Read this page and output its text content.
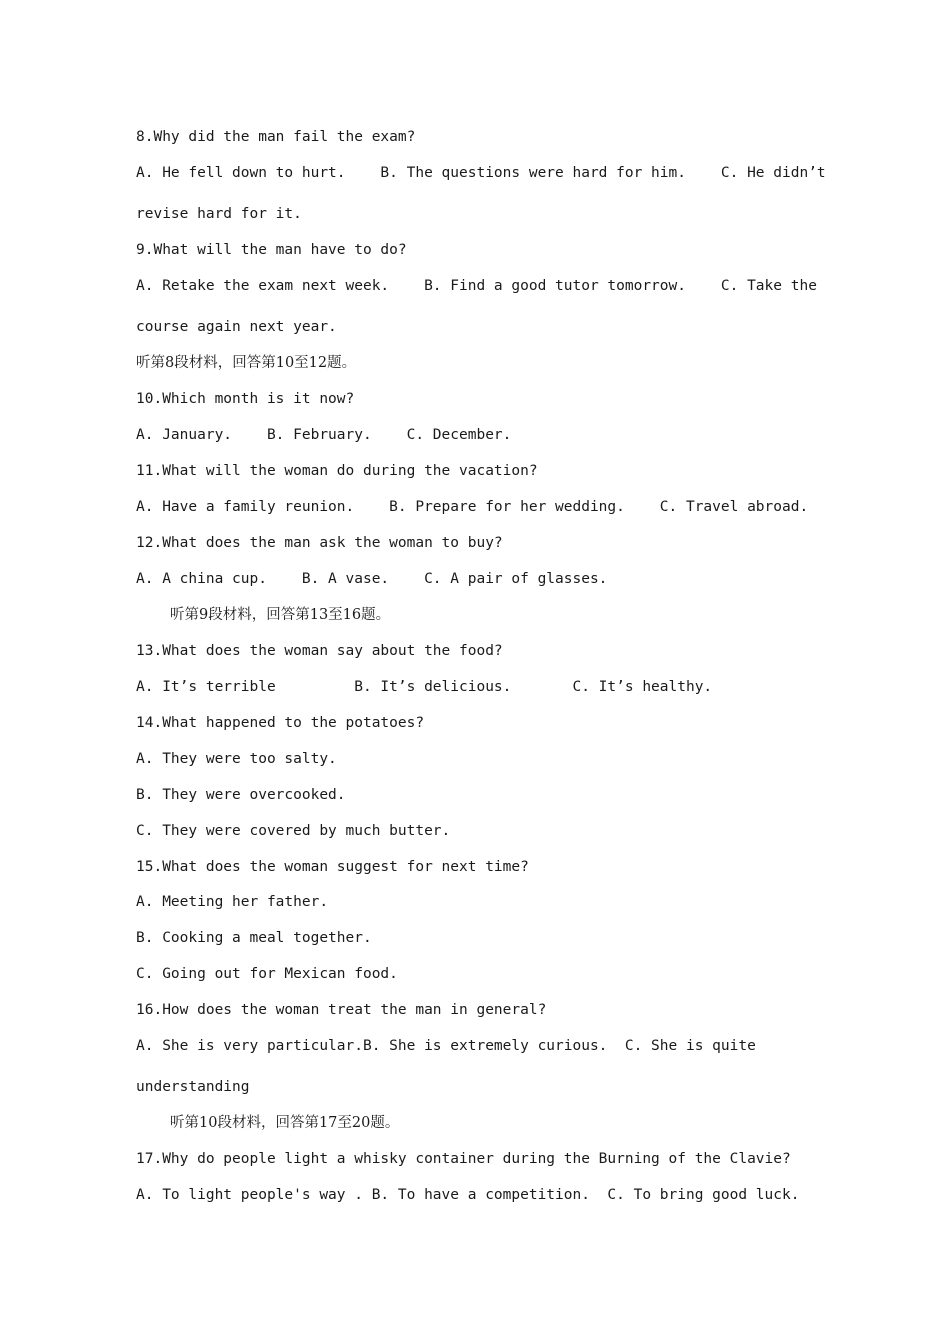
8.Why did the man fail the exam?
A. He fell down to hurt.    B. The questions were hard for him.    C. He didn’t
revise hard for it.
9.What will the man have to do?
A. Retake the exam next week.    B. Find a good tutor tomorrow.    C. Take the
course again next year.
听第8段材料，回答第10至12题。
10.Which month is it now?
A. January.    B. February.    C. December.
11.What will the woman do during the vacation?
A. Have a family reunion.    B. Prepare for her wedding.    C. Travel abroad.
12.What does the man ask the woman to buy?
A. A china cup.    B. A vase.    C. A pair of glasses.
听第9段材料，回答第13至16题。
13.What does the woman say about the food?
A. It’s terrible         B. It’s delicious.       C. It’s healthy.
14.What happened to the potatoes?
A. They were too salty.
B. They were overcooked.
C. They were covered by much butter.
15.What does the woman suggest for next time?
A. Meeting her father.
B. Cooking a meal together.
C. Going out for Mexican food.
16.How does the woman treat the man in general?
A. She is very particular.B. She is extremely curious.  C. She is quite
understanding
听第10段材料，回答第17至20题。
17.Why do people light a whisky container during the Burning of the Clavie?
A. To light people's way . B. To have a competition.  C. To bring good luck.
